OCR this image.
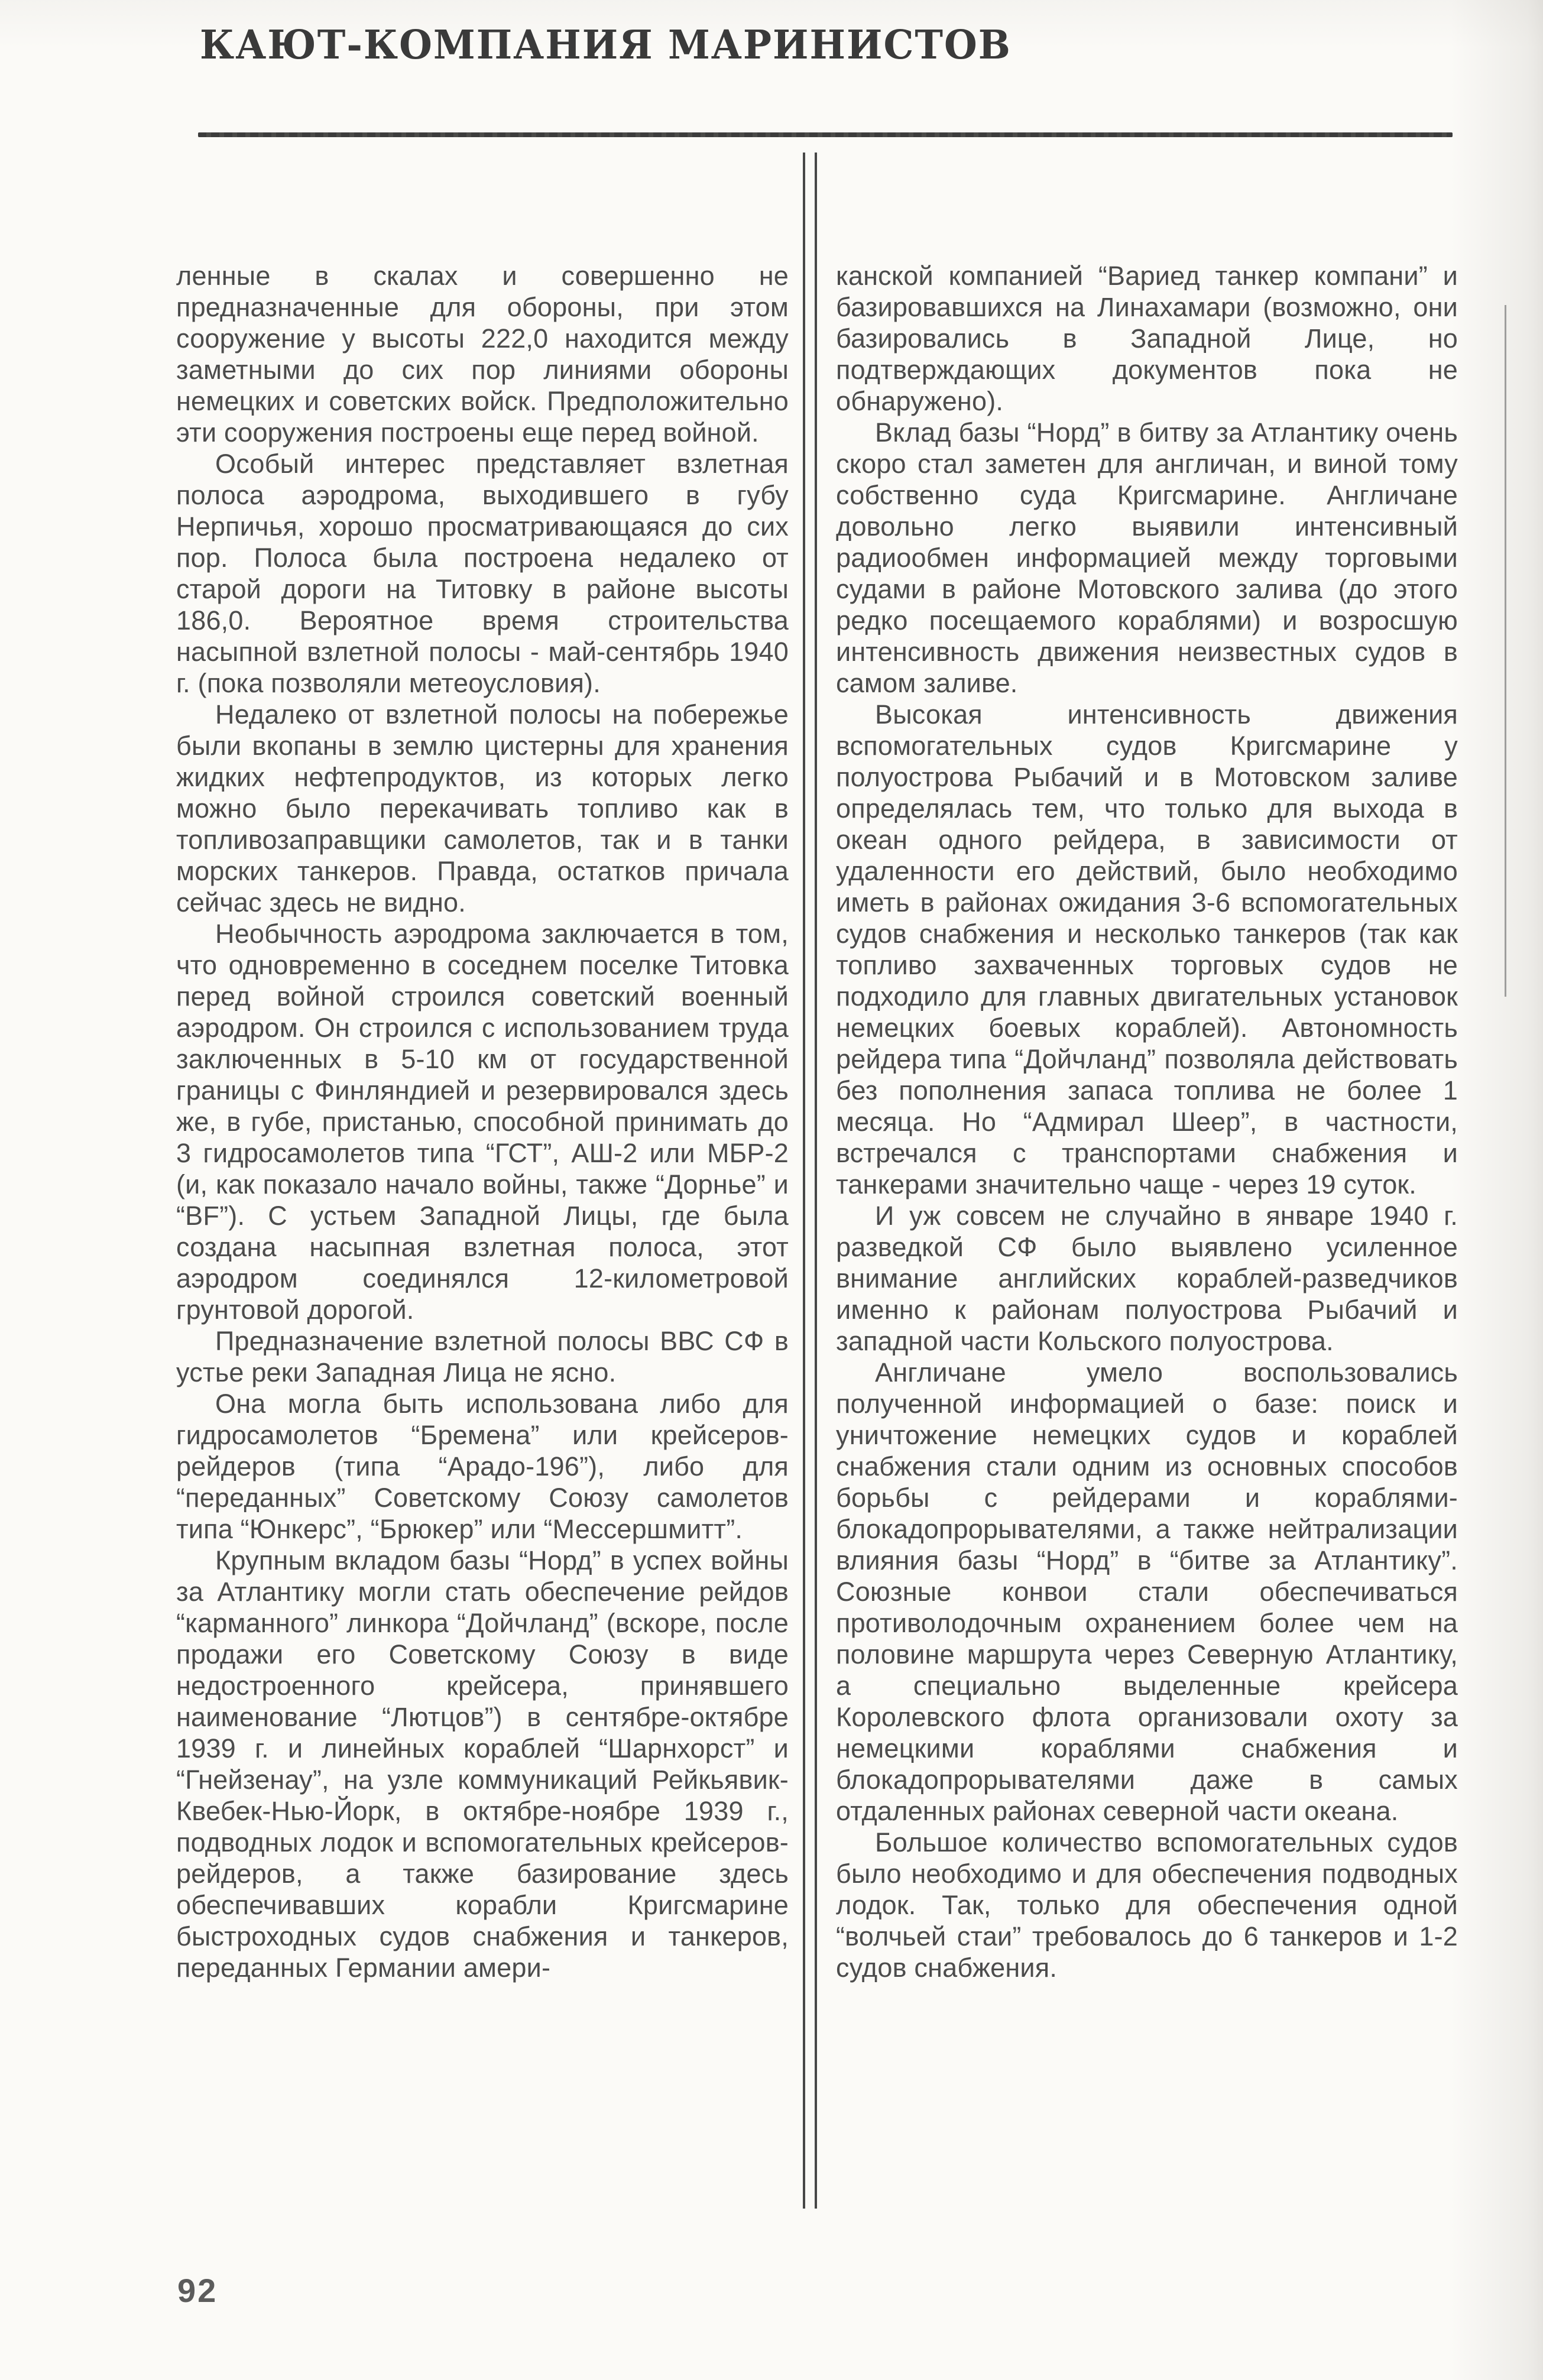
КАЮТ-КОМПАНИЯ МАРИНИСТОВ

ленные в скалах и совершенно не предназначенные для обороны, при этом сооружение у высоты 222,0 находится между заметными до сих пор линиями обороны немецких и советских войск. Предположительно эти сооружения построены еще перед войной.

Особый интерес представляет взлетная полоса аэродрома, выходившего в губу Нерпичья, хорошо просматривающаяся до сих пор. Полоса была построена недалеко от старой дороги на Титовку в районе высоты 186,0. Вероятное время строительства насыпной взлетной полосы - май-сентябрь 1940 г. (пока позволяли метеоусловия).

Недалеко от взлетной полосы на побережье были вкопаны в землю цистерны для хранения жидких нефтепродуктов, из которых легко можно было перекачивать топливо как в топливозаправщики самолетов, так и в танки морских танкеров. Правда, остатков причала сейчас здесь не видно.

Необычность аэродрома заключается в том, что одновременно в соседнем поселке Титовка перед войной строился советский военный аэродром. Он строился с использованием труда заключенных в 5-10 км от государственной границы с Финляндией и резервировался здесь же, в губе, пристанью, способной принимать до 3 гидросамолетов типа “ГСТ”, АШ-2 или МБР-2 (и, как показало начало войны, также “Дорнье” и “BF”). С устьем Западной Лицы, где была создана насыпная взлетная полоса, этот аэродром соединялся 12-километровой грунтовой дорогой.

Предназначение взлетной полосы ВВС СФ в устье реки Западная Лица не ясно.

Она могла быть использована либо для гидросамолетов “Бремена” или крейсеров-рейдеров (типа “Арадо-196”), либо для “переданных” Советскому Союзу самолетов типа “Юнкерс”, “Брюкер” или “Мессершмитт”.

Крупным вкладом базы “Норд” в успех войны за Атлантику могли стать обеспечение рейдов “карманного” линкора “Дойчланд” (вскоре, после продажи его Советскому Союзу в виде недостроенного крейсера, принявшего наименование “Лютцов”) в сентябре-октябре 1939 г. и линейных кораблей “Шарнхорст” и “Гнейзенау”, на узле коммуникаций Рейкьявик-Квебек-Нью-Йорк, в октябре-ноябре 1939 г., подводных лодок и вспомогательных крейсеров-рейдеров, а также базирование здесь обеспечивавших корабли Кригсмарине быстроходных судов снабжения и танкеров, переданных Германии амери-

канской компанией “Вариед танкер компани” и базировавшихся на Линахамари (возможно, они базировались в Западной Лице, но подтверждающих документов пока не обнаружено).

Вклад базы “Норд” в битву за Атлантику очень скоро стал заметен для англичан, и виной тому собственно суда Кригсмарине. Англичане довольно легко выявили интенсивный радиообмен информацией между торговыми судами в районе Мотовского залива (до этого редко посещаемого кораблями) и возросшую интенсивность движения неизвестных судов в самом заливе.

Высокая интенсивность движения вспомогательных судов Кригсмарине у полуострова Рыбачий и в Мотовском заливе определялась тем, что только для выхода в океан одного рейдера, в зависимости от удаленности его действий, было необходимо иметь в районах ожидания 3-6 вспомогательных судов снабжения и несколько танкеров (так как топливо захваченных торговых судов не подходило для главных двигательных установок немецких боевых кораблей). Автономность рейдера типа “Дойчланд” позволяла действовать без пополнения запаса топлива не более 1 месяца. Но “Адмирал Шеер”, в частности, встречался с транспортами снабжения и танкерами значительно чаще - через 19 суток.

И уж совсем не случайно в январе 1940 г. разведкой СФ было выявлено усиленное внимание английских кораблей-разведчиков именно к районам полуострова Рыбачий и западной части Кольского полуострова.

Англичане умело воспользовались полученной информацией о базе: поиск и уничтожение немецких судов и кораблей снабжения стали одним из основных способов борьбы с рейдерами и кораблями-блокадопрорывателями, а также нейтрализации влияния базы “Норд” в “битве за Атлантику”. Союзные конвои стали обеспечиваться противолодочным охранением более чем на половине маршрута через Северную Атлантику, а специально выделенные крейсера Королевского флота организовали охоту за немецкими кораблями снабжения и блокадопрорывателями даже в самых отдаленных районах северной части океана.

Большое количество вспомогательных судов было необходимо и для обеспечения подводных лодок. Так, только для обеспечения одной “волчьей стаи” требовалось до 6 танкеров и 1-2 судов снабжения.

92
